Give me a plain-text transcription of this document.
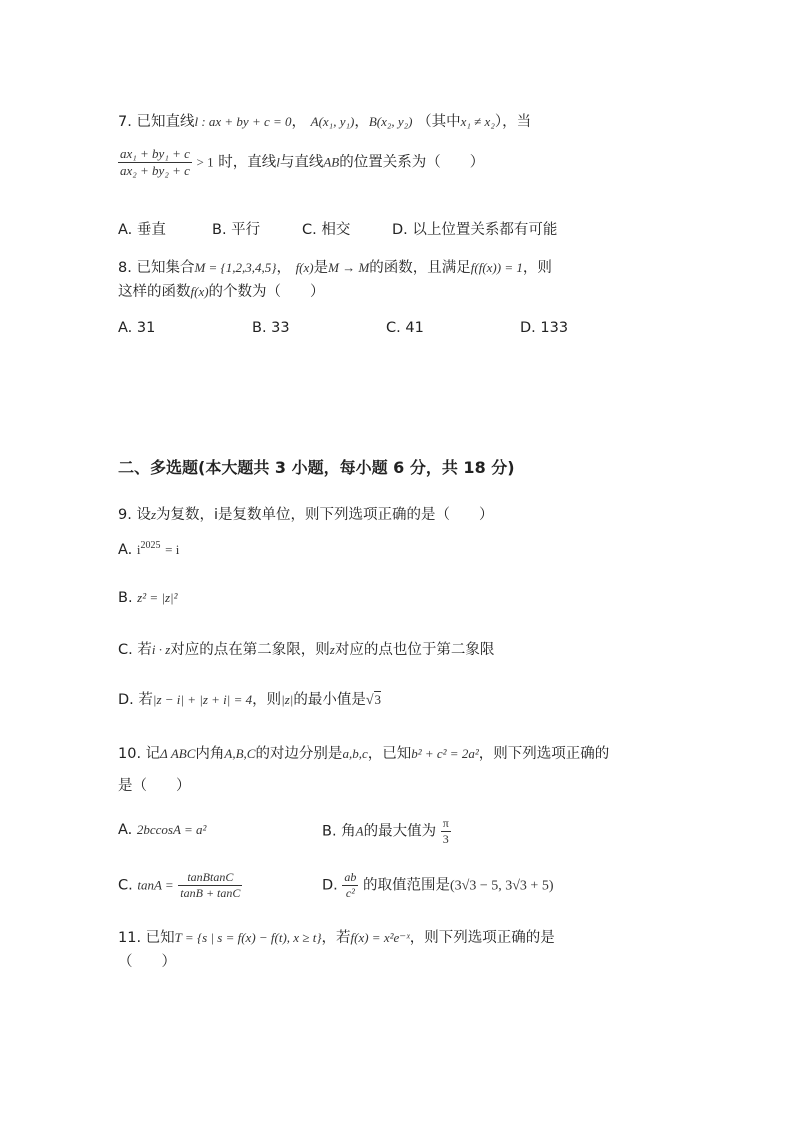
7. 已知直线l : ax + by + c = 0， A(x₁, y₁)，B(x₂, y₂) （其中x₁ ≠ x₂），当
$\frac{\text{ax₁ + by₁ + c}}{\text{ax₂ + by₂ + c}} > 1$ 时，直线l与直线AB的位置关系为（　　）
A. 垂直	B. 平行	C. 相交	D. 以上位置关系都有可能
8. 已知集合M = {1,2,3,4,5}， f(x)是M → M的函数，且满足f(f(x)) = 1，则
这样的函数f(x)的个数为（　　）
A. 31	B. 33	C. 41	D. 133
二、多选题(本大题共 3 小题，每小题 6 分，共 18 分)
9. 设z为复数，i是复数单位，则下列选项正确的是（　　）
A. $i^{2025} = i$
B. z² = |z|²
C. 若i · z对应的点在第二象限，则z对应的点也位于第二象限
D. 若|z − i| + |z + i| = 4，则|z|的最小值是√3
10. 记Δ ABC内角A,B,C的对边分别是a,b,c，已知b² + c² = 2a²，则下列选项正确的
是（　　）
A. 2bccosA = a²	B. 角A的最大值为 $\frac{\pi}{3}$
C. $\tan A = \frac{\text{tanBtanC}}{\tan B + \tan C}$	D. $\frac{ab}{\text{c²}}$ 的取值范围是(3√3 − 5, 3√3 + 5)
11. 已知T = {s | s = f(x) − f(t), x ≥ t}，若f(x) = x²e⁻ˣ，则下列选项正确的是
（　　）
